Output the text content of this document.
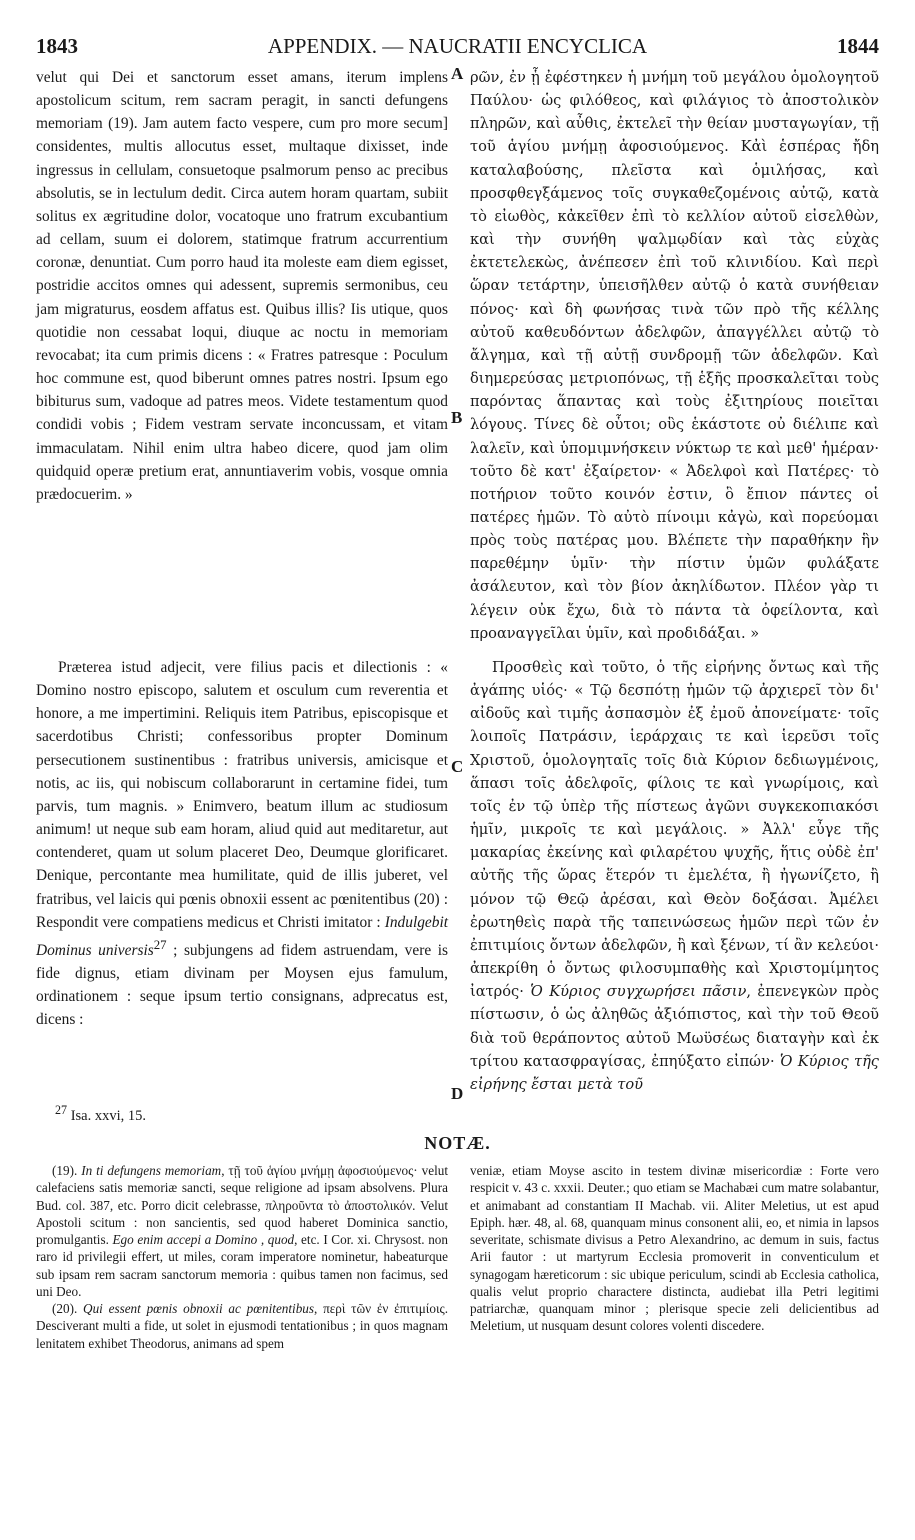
1843	APPENDIX. — NAUCRATII ENCYCLICA	1844

velut qui Dei et sanctorum esset amans, iterum implens apostolicum scitum, rem sacram peragit, in sancti defungens memoriam (19). Jam autem facto vespere, cum pro more secum] considentes, multis allocutus esset, multaque dixisset, inde ingressus in cellulam, consuetoque psalmorum penso ac precibus absolutis, se in lectulum dedit. Circa autem horam quartam, subiit solitus ex ægritudine dolor, vocatoque uno fratrum excubantium ad cellam, suum ei dolorem, statimque fratrum accurrentium coronæ, denuntiat. Cum porro haud ita moleste eam diem egisset, postridie accitos omnes qui adessent, supremis sermonibus, ceu jam migraturus, eosdem affatus est. Quibus illis? Iis utique, quos quotidie non cessabat loqui, diuque ac noctu in memoriam revocabat; ita cum primis dicens : « Fratres patresque : Poculum hoc commune est, quod biberunt omnes patres nostri. Ipsum ego bibiturus sum, vadoque ad patres meos. Videte testamentum quod condidi vobis ; Fidem vestram servate inconcussam, et vitam immaculatam. Nihil enim ultra habeo dicere, quod jam olim quidquid operæ pretium erat, annuntiaverim vobis, vosque omnia prædocuerim. »

Præterea istud adjecit, vere filius pacis et dilectionis : « Domino nostro episcopo, salutem et osculum cum reverentia et honore, a me impertimini. Reliquis item Patribus, episcopisque et sacerdotibus Christi; confessoribus propter Dominum persecutionem sustinentibus : fratribus universis, amicisque et notis, ac iis, qui nobiscum collaborarunt in certamine fidei, tum parvis, tum magnis. » Enimvero, beatum illum ac studiosum animum! ut neque sub eam horam, aliud quid aut meditaretur, aut contenderet, quam ut solum placeret Deo, Deumque glorificaret. Denique, percontante mea humilitate, quid de illis juberet, vel fratribus, vel laicis qui pœnis obnoxii essent ac pœnitentibus (20) : Respondit vere compatiens medicus et Christi imitator : Indulgebit Dominus universis$^{27}$ ; subjungens ad fidem astruendam, vere is fide dignus, etiam divinam per Moysen ejus famulum, ordinationem : seque ipsum tertio consignans, adprecatus est, dicens :

ρῶν, ἐν ᾗ ἐφέστηκεν ἡ μνήμη τοῦ μεγάλου ὁμολογητοῦ Παύλου· ὡς φιλόθεος, καὶ φιλάγιος τὸ ἀποστολικὸν πληρῶν, καὶ αὖθις, ἐκτελεῖ τὴν θείαν μυσταγωγίαν, τῇ τοῦ ἁγίου μνήμῃ ἀφοσιούμενος. Κἀὶ ἑσπέρας ἤδη καταλαβούσης, πλεῖστα καὶ ὁμιλήσας, καὶ προσφθεγξάμενος τοῖς συγκαθεζομένοις αὐτῷ, κατὰ τὸ εἰωθὸς, κἀκεῖθεν ἐπὶ τὸ κελλίον αὐτοῦ εἰσελθὼν, καὶ τὴν συνήθη ψαλμῳδίαν καὶ τὰς εὐχὰς ἐκτετελεκὼς, ἀνέπεσεν ἐπὶ τοῦ κλινιδίου. Καὶ περὶ ὥραν τετάρτην, ὑπεισῆλθεν αὐτῷ ὁ κατὰ συνήθειαν πόνος· καὶ δὴ φωνήσας τινὰ τῶν πρὸ τῆς κέλλης αὐτοῦ καθευδόντων ἀδελφῶν, ἀπαγγέλλει αὐτῷ τὸ ἄλγημα, καὶ τῇ αὐτῇ συνδρομῇ τῶν ἀδελφῶν. Καὶ διημερεύσας μετριοπόνως, τῇ ἑξῆς προσκαλεῖται τοὺς παρόντας ἅπαντας καὶ τοὺς ἐξιτηρίους ποιεῖται λόγους. Τίνες δὲ οὗτοι; οὓς ἑκάστοτε οὐ διέλιπε καὶ λαλεῖν, καὶ ὑπομιμνήσκειν νύκτωρ τε καὶ μεθ' ἡμέραν· τοῦτο δὲ κατ' ἐξαίρετον· « Ἀδελφοὶ καὶ Πατέρες· τὸ ποτήριον τοῦτο κοινόν ἐστιν, ὃ ἔπιον πάντες οἱ πατέρες ἡμῶν. Τὸ αὐτὸ πίνοιμι κἀγὼ, καὶ πορεύομαι πρὸς τοὺς πατέρας μου. Βλέπετε τὴν παραθήκην ἣν παρεθέμην ὑμῖν· τὴν πίστιν ὑμῶν φυλάξατε ἀσάλευτον, καὶ τὸν βίον ἀκηλίδωτον. Πλέον γὰρ τι λέγειν οὐκ ἔχω, διὰ τὸ πάντα τὰ ὀφείλοντα, καὶ προαναγγεῖλαι ὑμῖν, καὶ προδιδάξαι. »

Προσθεὶς καὶ τοῦτο, ὁ τῆς εἰρήνης ὄντως καὶ τῆς ἀγάπης υἱός· « Τῷ δεσπότῃ ἡμῶν τῷ ἀρχιερεῖ τὸν δι' αἰδοῦς καὶ τιμῆς ἀσπασμὸν ἐξ ἐμοῦ ἀπονείματε· τοῖς λοιποῖς Πατράσιν, ἱεράρχαις τε καὶ ἱερεῦσι τοῖς Χριστοῦ, ὁμολογηταῖς τοῖς διὰ Κύριον δεδιωγμένοις, ἅπασι τοῖς ἀδελφοῖς, φίλοις τε καὶ γνωρίμοις, καὶ τοῖς ἐν τῷ ὑπὲρ τῆς πίστεως ἀγῶνι συγκεκοπιακόσι ἡμῖν, μικροῖς τε καὶ μεγάλοις. » Ἀλλ' εὖγε τῆς μακαρίας ἐκείνης καὶ φιλαρέτου ψυχῆς, ἥτις οὐδὲ ἐπ' αὐτῆς τῆς ὥρας ἕτερόν τι ἐμελέτα, ἢ ἠγωνίζετο, ἢ μόνον τῷ Θεῷ ἀρέσαι, καὶ Θεὸν δοξάσαι. Ἀμέλει ἐρωτηθεὶς παρὰ τῆς ταπεινώσεως ἡμῶν περὶ τῶν ἐν ἐπιτιμίοις ὄντων ἀδελφῶν, ἢ καὶ ξένων, τί ἂν κελεύοι· ἀπεκρίθη ὁ ὄντως φιλοσυμπαθὴς καὶ Χριστομίμητος ἰατρός· Ὁ Κύριος συγχωρήσει πᾶσιν, ἐπενεγκὼν πρὸς πίστωσιν, ὁ ὡς ἀληθῶς ἀξιόπιστος, καὶ τὴν τοῦ Θεοῦ διὰ τοῦ θεράποντος αὐτοῦ Μωϋσέως διαταγὴν καὶ ἐκ τρίτου κατασφραγίσας, ἐπηύξατο εἰπών· Ὁ Κύριος τῆς εἰρήνης ἔσται μετὰ τοῦ

A
B
C
D
$^{27}$ Isa. xxvi, 15.
NOTÆ.

(19). In ti defungens memoriam, τῇ τοῦ ἁγίου μνήμῃ ἀφοσιούμενος· velut calefaciens satis memoriæ sancti, seque religione ad ipsam absolvens. Plura Bud. col. 387, etc. Porro dicit celebrasse, πληροῦντα τὸ ἀποστολικόν. Velut Apostoli scitum : non sancientis, sed quod haberet Dominica sanctio, promulgantis. Ego enim accepi a Domino , quod, etc. I Cor. xi. Chrysost. non raro id privilegii effert, ut miles, coram imperatore nominetur, habeaturque sub ipsam rem sacram sanctorum memoria : quibus tamen non facimus, sed uni Deo.

(20). Qui essent pœnis obnoxii ac pœnitentibus, περὶ τῶν ἐν ἐπιτιμίοις. Desciverant multi a fide, ut solet in ejusmodi tentationibus ; in quos magnam lenitatem exhibet Theodorus, animans ad spem

veniæ, etiam Moyse ascito in testem divinæ misericordiæ : Forte vero respicit v. 43 c. xxxii. Deuter.; quo etiam se Machabæi cum matre solabantur, et animabant ad constantiam II Machab. vii. Aliter Meletius, ut est apud Epiph. hær. 48, al. 68, quanquam minus consonent alii, eo, et nimia in lapsos severitate, schismate divisus a Petro Alexandrino, ac demum in suis, factus Arii fautor : ut martyrum Ecclesia promoverit in conventiculum et synagogam hæreticorum : sic ubique periculum, scindi ab Ecclesia catholica, qualis velut proprio charactere distincta, audiebat illa Petri legitimi patriarchæ, quanquam minor ; plerisque specie zeli delicientibus ad Meletium, ut nusquam desunt colores volenti discedere.
